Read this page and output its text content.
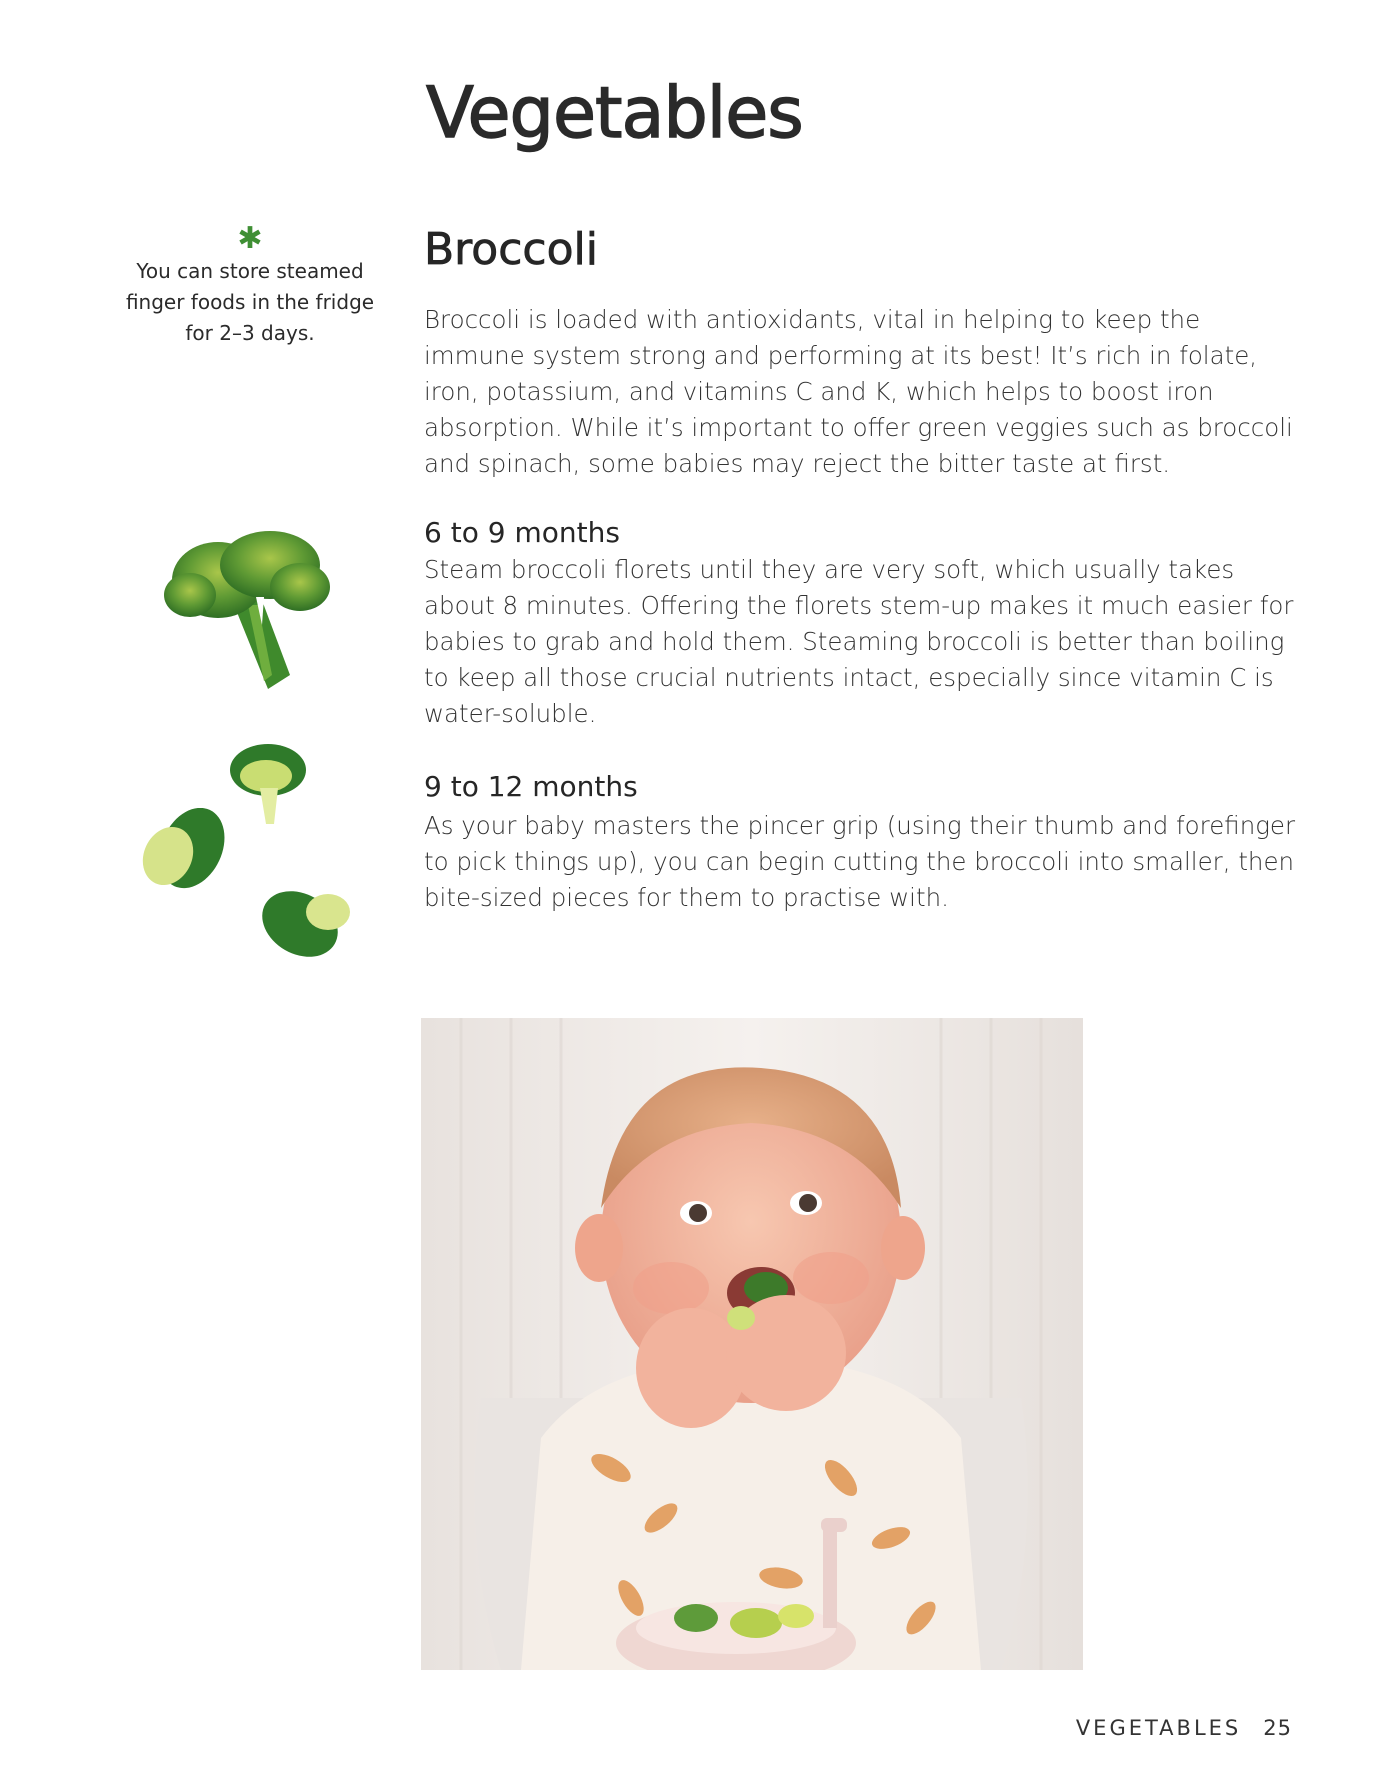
Vegetables
✱
You can store steamed finger foods in the fridge for 2–3 days.
Broccoli
Broccoli is loaded with antioxidants, vital in helping to keep the immune system strong and performing at its best! It’s rich in folate, iron, potassium, and vitamins C and K, which helps to boost iron absorption. While it’s important to offer green veggies such as broccoli and spinach, some babies may reject the bitter taste at first.
6 to 9 months
Steam broccoli florets until they are very soft, which usually takes about 8 minutes. Offering the florets stem-up makes it much easier for babies to grab and hold them. Steaming broccoli is better than boiling to keep all those crucial nutrients intact, especially since vitamin C is water-soluble.
9 to 12 months
As your baby masters the pincer grip (using their thumb and forefinger to pick things up), you can begin cutting the broccoli into smaller, then bite-sized pieces for them to practise with.
VEGETABLES 25
